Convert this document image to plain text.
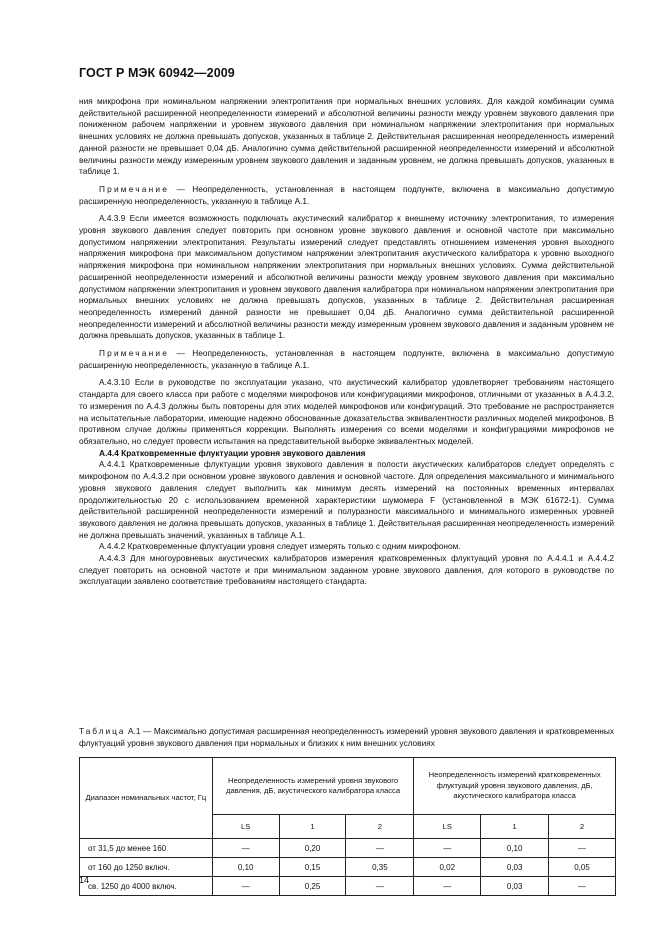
ГОСТ Р МЭК 60942—2009

ния микрофона при номинальном напряжении электропитания при нормальных внешних условиях. Для каждой комбинации сумма действительной расширенной неопределенности измерений и абсолютной величины разности между уровнем звукового давления при пониженном рабочем напряжении и уровнем звукового давления при номинальном напряжении электропитания при нормальных внешних условиях не должна превышать допусков, указанных в таблице 2. Действительная расширенная неопределенность измерений данной разности не превышает 0,04 дБ. Аналогично сумма действительной расширенной неопределенности измерений и абсолютной величины разности между измеренным уровнем звукового давления и заданным уровнем, не должна превышать допусков, указанных в таблице 1.

Примечание — Неопределенность, установленная в настоящем подпункте, включена в максимально допустимую расширенную неопределенность, указанную в таблице А.1.

А.4.3.9 Если имеется возможность подключать акустический калибратор к внешнему источнику электропитания, то измерения уровня звукового давления следует повторить при основном уровне звукового давления и основной частоте при максимально допустимом напряжении электропитания. Результаты измерений следует представлять отношением изменения уровня выходного напряжения микрофона при максимальном допустимом напряжении электропитания акустического калибратора к уровню выходного напряжения микрофона при номинальном напряжении электропитания при нормальных внешних условиях. Сумма действительной расширенной неопределенности измерений и абсолютной величины разности между уровнем звукового давления при максимально допустимом напряжении электропитания и уровнем звукового давления калибратора при номинальном напряжении электропитания при нормальных внешних условиях не должна превышать допусков, указанных в таблице 2. Действительная расширенная неопределенность измерений данной разности не превышает 0,04 дБ. Аналогично сумма действительной расширенной неопределенности измерений и абсолютной величины разности между измеренным уровнем звукового давления и заданным уровнем не должна превышать допусков, указанных в таблице 1.

Примечание — Неопределенность, установленная в настоящем подпункте, включена в максимально допустимую расширенную неопределенность, указанную в таблице А.1.

А.4.3.10 Если в руководстве по эксплуатации указано, что акустический калибратор удовлетворяет требованиям настоящего стандарта для своего класса при работе с моделями микрофонов или конфигурациями микрофонов, отличными от указанных в А.4.3.2, то измерения по А.4.3 должны быть повторены для этих моделей микрофонов или конфигураций. Это требование не распространяется на испытательные лаборатории, имеющие надежно обоснованные доказательства эквивалентности различных моделей микрофонов. В противном случае должны применяться коррекции. Выполнять измерения со всеми моделями и конфигурациями микрофонов не обязательно, но следует провести испытания на представительной выборке эквивалентных моделей.

А.4.4 Кратковременные флуктуации уровня звукового давления

А.4.4.1 Кратковременные флуктуации уровня звукового давления в полости акустических калибраторов следует определять с микрофоном по А.4.3.2 при основном уровне звукового давления и основной частоте. Для определения максимального и минимального уровня звукового давления следует выполнить как минимум десять измерений на постоянных временных интервалах продолжительностью 20 с использованием временной характеристики шумомера F (установленной в МЭК 61672-1). Сумма действительной расширенной неопределенности измерений и полуразности максимального и минимального измеренных уровней звукового давления не должна превышать допусков, указанных в таблице 1. Действительная расширенная неопределенность измерений не должна превышать значений, указанных в таблице А.1.

А.4.4.2 Кратковременные флуктуации уровня следует измерять только с одним микрофоном.

А.4.4.3 Для многоуровневых акустических калибраторов измерения кратковременных флуктуаций уровня по А.4.4.1 и А.4.4.2 следует повторить на основной частоте и при минимальном заданном уровне звукового давления, для которого в руководстве по эксплуатации заявлено соответствие требованиям настоящего стандарта.

Таблица А.1 — Максимально допустимая расширенная неопределенность измерений уровня звукового давления и кратковременных флуктуаций уровня звукового давления при нормальных и близких к ним внешних условиях
Диапазон номинальных частот, Гц	Неопределенность измерений уровня звукового давления, дБ, акустического калибратора класса			Неопределенность измерений кратковременных флуктуаций уровня звукового давления, дБ, акустического калибратора класса		
	LS	1	2	LS	1	2
от 31,5 до менее 160	—	0,20	—	—	0,10	—
от 160 до 1250 включ.	0,10	0,15	0,35	0,02	0,03	0,05
св. 1250 до 4000 включ.	—	0,25	—	—	0,03	—
14
